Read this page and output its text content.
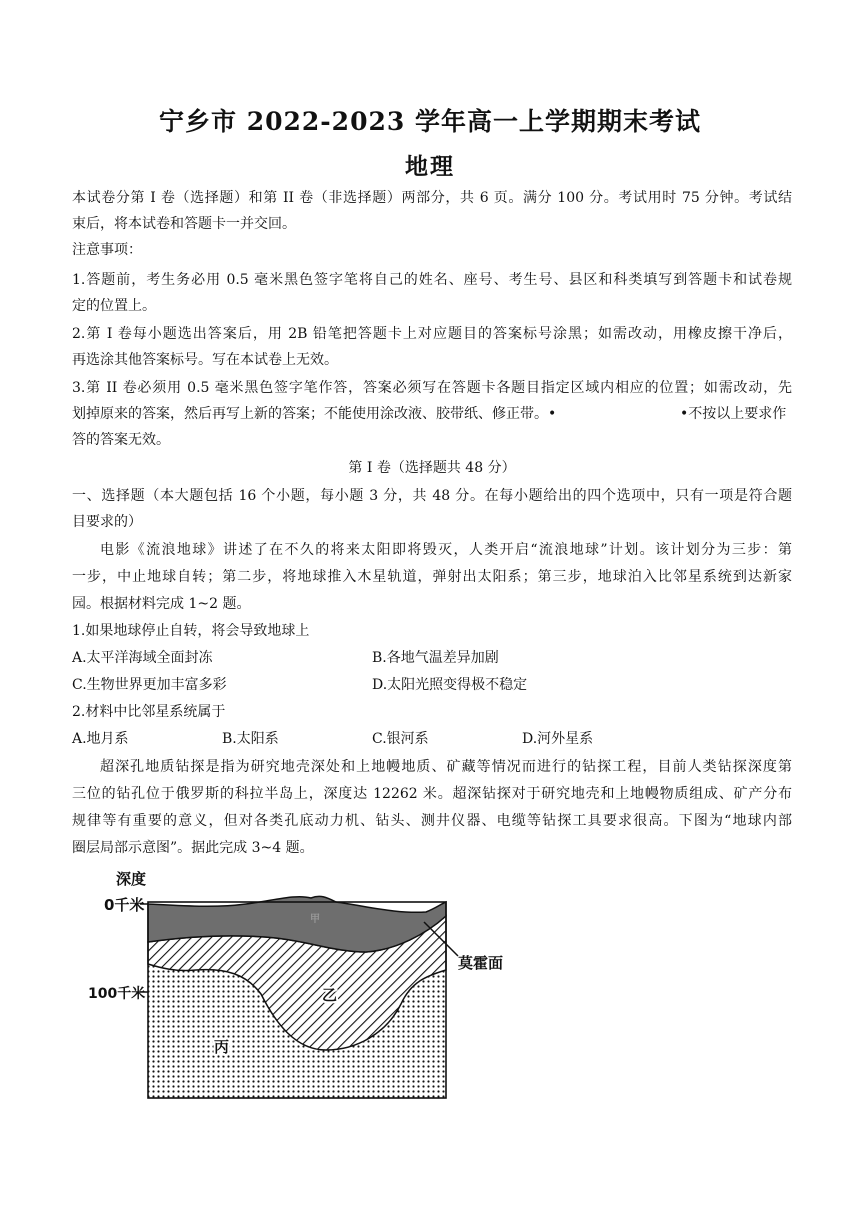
宁乡市 2022-2023 学年高一上学期期末考试
地理
本试卷分第 I 卷（选择题）和第 II 卷（非选择题）两部分，共 6 页。满分 100 分。考试用时 75 分钟。考试结
束后，将本试卷和答题卡一并交回。
注意事项：
1.答题前，考生务必用 0.5 毫米黑色签字笔将自己的姓名、座号、考生号、县区和科类填写到答题卡和试卷规
定的位置上。
2.第 I 卷每小题选出答案后，用 2B 铅笔把答题卡上对应题目的答案标号涂黑；如需改动，用橡皮擦干净后，
再选涂其他答案标号。写在本试卷上无效。
3.第 II 卷必须用 0.5 毫米黑色签字笔作答，答案必须写在答题卡各题目指定区域内相应的位置；如需改动，先
划掉原来的答案，然后再写上新的答案；不能使用涂改液、胶带纸、修正带。•	•不按以上要求作
答的答案无效。
第 I 卷（选择题共 48 分）
一、选择题（本大题包括 16 个小题，每小题 3 分，共 48 分。在每小题给出的四个选项中，只有一项是符合题
目要求的）
电影《流浪地球》讲述了在不久的将来太阳即将毁灭，人类开启“流浪地球”计划。该计划分为三步：第
一步，中止地球自转；第二步，将地球推入木星轨道，弹射出太阳系；第三步，地球泊入比邻星系统到达新家
园。根据材料完成 1~2 题。
1.如果地球停止自转，将会导致地球上
A.太平洋海域全面封冻	B.各地气温差异加剧
C.生物世界更加丰富多彩	D.太阳光照变得极不稳定
2.材料中比邻星系统属于
A.地月系	B.太阳系	C.银河系	D.河外星系
超深孔地质钻探是指为研究地壳深处和上地幔地质、矿藏等情况而进行的钻探工程，目前人类钻探深度第
三位的钻孔位于俄罗斯的科拉半岛上，深度达 12262 米。超深钻探对于研究地壳和上地幔物质组成、矿产分布
规律等有重要的意义，但对各类孔底动力机、钻头、测井仪器、电缆等钻探工具要求很高。下图为“地球内部
圈层局部示意图”。据此完成 3~4 题。
深度
0千米
100千米
莫霍面
甲
乙
丙
